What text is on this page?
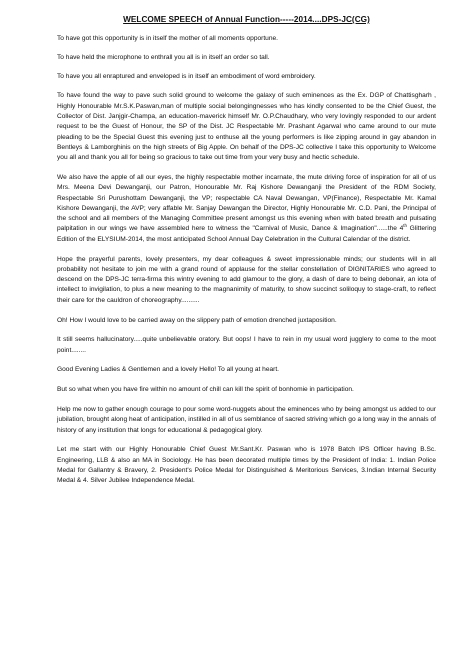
WELCOME SPEECH of Annual Function-----2014....DPS-JC(CG)

To have got this opportunity is in itself the mother of all moments opportune.

To have held the microphone to enthrall you all is in itself an order so tall.

To have you all enraptured and enveloped is in itself an embodiment of word embroidery.

To have found the way to pave such solid ground to welcome the galaxy of such eminences as the Ex. DGP of Chattisgharh , Highly Honourable Mr.S.K.Paswan,man of multiple social belongingnesses who has kindly consented to be the Chief Guest, the Collector of Dist. Janjgir-Champa, an education-maverick himself Mr. O.P.Chaudhary, who very lovingly responded to our ardent request to be the Guest of Honour, the SP of the Dist. JC Respectable Mr. Prashant Agarwal who came around to our mute pleading to be the Special Guest this evening just to enthuse all the young performers is like zipping around in gay abandon in Bentleys & Lamborghinis on the high streets of Big Apple. On behalf of the DPS-JC collective I take this opportunity to Welcome you all and thank you all for being so gracious to take out time from your very busy and hectic schedule.

We also have the apple of all our eyes, the highly respectable mother incarnate, the mute driving force of inspiration for all of us Mrs. Meena Devi Dewanganji, our Patron, Honourable Mr. Raj Kishore Dewanganji the President of the RDM Society, Respectable Sri Purushottam Dewanganji, the VP; respectable CA Naval Dewangan, VP(Finance), Respectable Mr. Kamal Kishore Dewanganji, the AVP; very affable Mr. Sanjay Dewangan the Director, Highly Honourable Mr. C.D. Pani, the Principal of the school and all members of the Managing Committee present amongst us this evening when with bated breath and pulsating palpitation in our wings we have assembled here to witness the "Carnival of Music, Dance & Imagination"......the 4th Glittering Edition of the ELYSIUM-2014, the most anticipated School Annual Day Celebration in the Cultural Calendar of the district.

Hope the prayerful parents, lovely presenters, my dear colleagues & sweet impressionable minds; our students will in all probability not hesitate to join me with a grand round of applause for the stellar constellation of DIGNITARIES who agreed to descend on the DPS-JC terra-firma this wintry evening to add glamour to the glory, a dash of dare to being debonair, an iota of intellect to invigilation, to plus a new meaning to the magnanimity of maturity, to show succinct soliloquy to stage-craft, to reflect their care for the cauldron of choreography..........

Oh! How I would love to be carried away on the slippery path of emotion drenched juxtaposition.

It still seems hallucinatory.....quite unbelievable oratory. But oops! I have to rein in my usual word jugglery to come to the moot point........

Good Evening Ladies & Gentlemen and a lovely Hello! To all young at heart.

But so what when you have fire within no amount of chill can kill the spirit of bonhomie in participation.

Help me now to gather enough courage to pour some word-nuggets about the eminences who by being amongst us added to our jubilation, brought along heat of anticipation, instilled in all of us semblance of sacred striving which go a long way in the annals of history of any institution that longs for educational & pedagogical glory.

Let me start with our Highly Honourable Chief Guest Mr.Sant.Kr. Paswan who is 1978 Batch IPS Officer having B.Sc. Engineering, LLB & also an MA in Sociology. He has been decorated multiple times by the President of India: 1. Indian Police Medal for Gallantry & Bravery, 2. President's Police Medal for Distinguished & Meritorious Services, 3.Indian Internal Security Medal & 4. Silver Jubilee Independence Medal.
